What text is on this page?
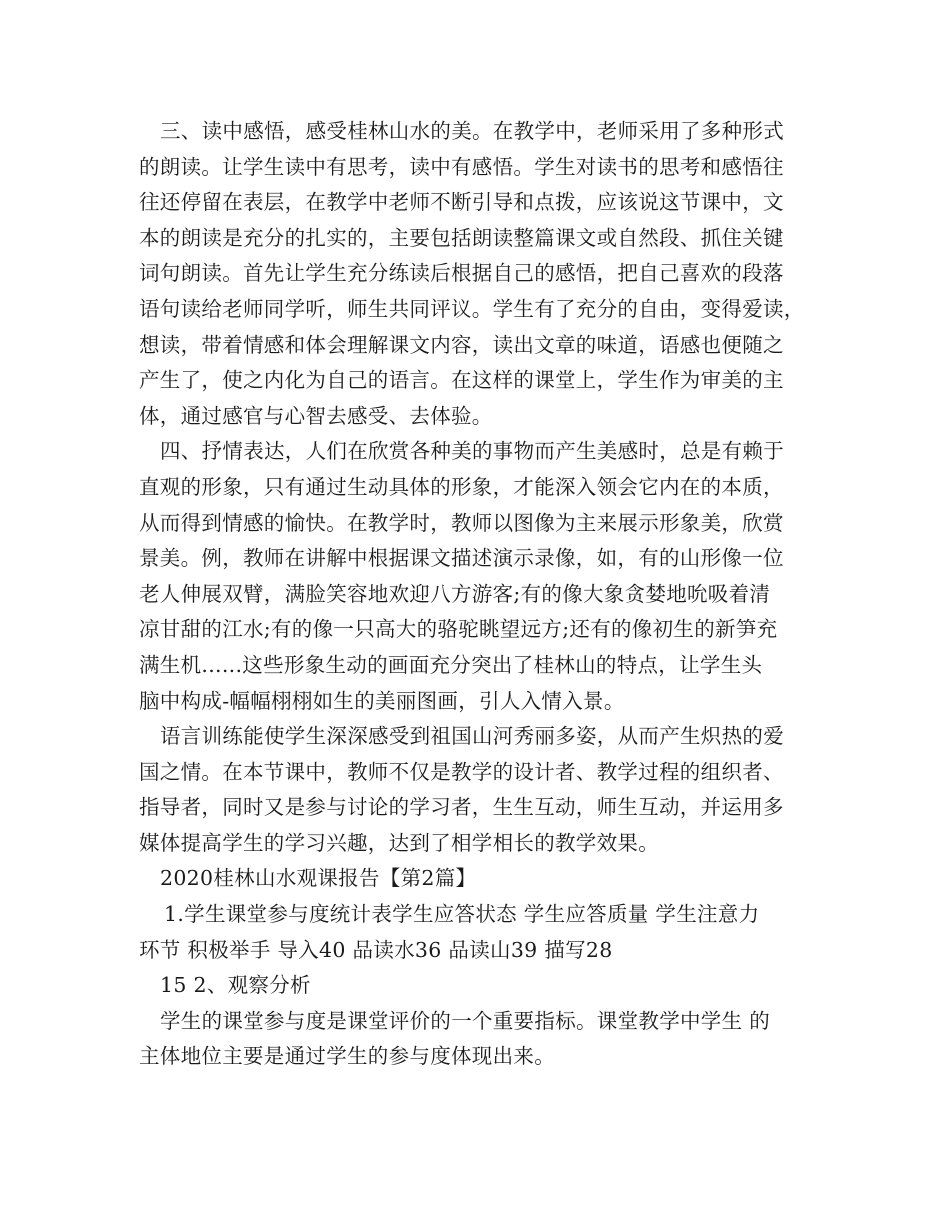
三、读中感悟，感受桂林山水的美。在教学中，老师采用了多种形式
的朗读。让学生读中有思考，读中有感悟。学生对读书的思考和感悟往
往还停留在表层，在教学中老师不断引导和点拨，应该说这节课中，文
本的朗读是充分的扎实的，主要包括朗读整篇课文或自然段、抓住关键
词句朗读。首先让学生充分练读后根据自己的感悟，把自己喜欢的段落
语句读给老师同学听，师生共同评议。学生有了充分的自由，变得爱读，
想读，带着情感和体会理解课文内容，读出文章的味道，语感也便随之
产生了，使之内化为自己的语言。在这样的课堂上，学生作为审美的主
体，通过感官与心智去感受、去体验。
四、抒情表达，人们在欣赏各种美的事物而产生美感时，总是有赖于
直观的形象，只有通过生动具体的形象，才能深入领会它内在的本质，
从而得到情感的愉快。在教学时，教师以图像为主来展示形象美，欣赏
景美。例，教师在讲解中根据课文描述演示录像，如，有的山形像一位
老人伸展双臂，满脸笑容地欢迎八方游客;有的像大象贪婪地吮吸着清
凉甘甜的江水;有的像一只高大的骆驼眺望远方;还有的像初生的新笋充
满生机......这些形象生动的画面充分突出了桂林山的特点，让学生头
脑中构成-幅幅栩栩如生的美丽图画，引人入情入景。
语言训练能使学生深深感受到祖国山河秀丽多姿，从而产生炽热的爱
国之情。在本节课中，教师不仅是教学的设计者、教学过程的组织者、
指导者，同时又是参与讨论的学习者，生生互动，师生互动，并运用多
媒体提高学生的学习兴趣，达到了相学相长的教学效果。
2020桂林山水观课报告【第2篇】
1.学生课堂参与度统计表学生应答状态 学生应答质量 学生注意力
环节 积极举手 导入40 品读水36 品读山39 描写28
15 2、观察分析
学生的课堂参与度是课堂评价的一个重要指标。课堂教学中学生 的
主体地位主要是通过学生的参与度体现出来。
